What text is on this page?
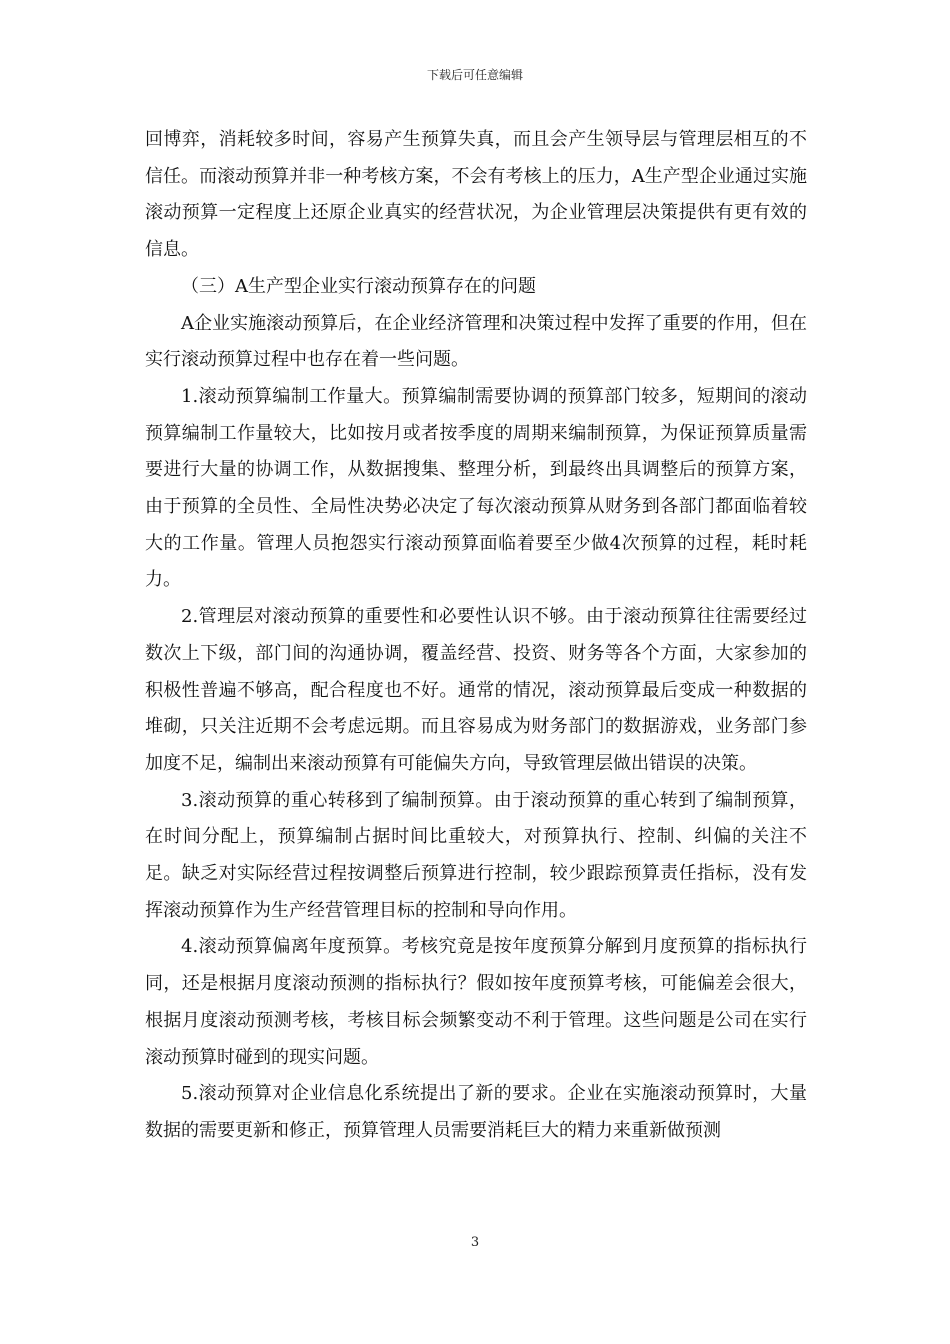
下载后可任意编辑

回博弈，消耗较多时间，容易产生预算失真，而且会产生领导层与管理层相互的不信任。而滚动预算并非一种考核方案，不会有考核上的压力，A生产型企业通过实施滚动预算一定程度上还原企业真实的经营状况，为企业管理层决策提供有更有效的信息。

（三）A生产型企业实行滚动预算存在的问题

A企业实施滚动预算后，在企业经济管理和决策过程中发挥了重要的作用，但在实行滚动预算过程中也存在着一些问题。

1.滚动预算编制工作量大。预算编制需要协调的预算部门较多，短期间的滚动预算编制工作量较大，比如按月或者按季度的周期来编制预算，为保证预算质量需要进行大量的协调工作，从数据搜集、整理分析，到最终出具调整后的预算方案，由于预算的全员性、全局性决势必决定了每次滚动预算从财务到各部门都面临着较大的工作量。管理人员抱怨实行滚动预算面临着要至少做4次预算的过程，耗时耗力。

2.管理层对滚动预算的重要性和必要性认识不够。由于滚动预算往往需要经过数次上下级，部门间的沟通协调，覆盖经营、投资、财务等各个方面，大家参加的积极性普遍不够高，配合程度也不好。通常的情况，滚动预算最后变成一种数据的堆砌，只关注近期不会考虑远期。而且容易成为财务部门的数据游戏，业务部门参加度不足，编制出来滚动预算有可能偏失方向，导致管理层做出错误的决策。

3.滚动预算的重心转移到了编制预算。由于滚动预算的重心转到了编制预算，在时间分配上，预算编制占据时间比重较大，对预算执行、控制、纠偏的关注不足。缺乏对实际经营过程按调整后预算进行控制，较少跟踪预算责任指标，没有发挥滚动预算作为生产经营管理目标的控制和导向作用。

4.滚动预算偏离年度预算。考核究竟是按年度预算分解到月度预算的指标执行同，还是根据月度滚动预测的指标执行？假如按年度预算考核，可能偏差会很大，根据月度滚动预测考核，考核目标会频繁变动不利于管理。这些问题是公司在实行滚动预算时碰到的现实问题。

5.滚动预算对企业信息化系统提出了新的要求。企业在实施滚动预算时，大量数据的需要更新和修正，预算管理人员需要消耗巨大的精力来重新做预测

3
